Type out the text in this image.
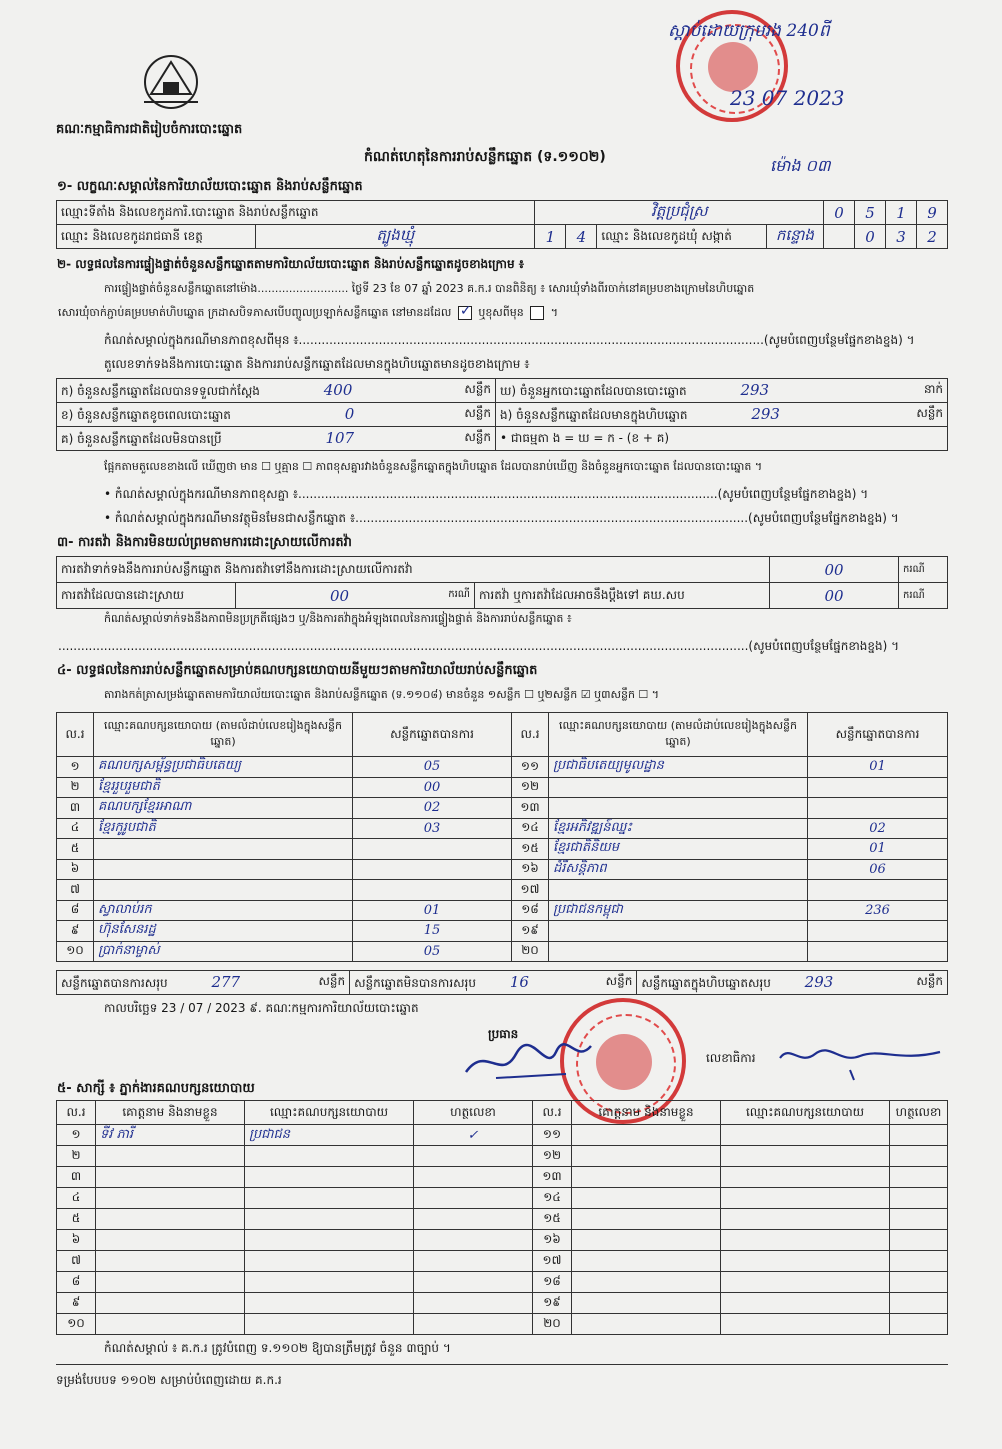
ស្ដាប់ដោយក្រុមរង 240ពី
23 07 2023
ម៉ោង ០៣
គណៈកម្មាធិការជាតិរៀបចំការបោះឆ្នោត
កំណត់ហេតុនៃការរាប់សន្លឹកឆ្នោត (ទ.១១០២)
១- លក្ខណៈសម្គាល់នៃការិយាល័យបោះឆ្នោត និងរាប់សន្លឹកឆ្នោត
ឈ្មោះទីតាំង និងលេខកូដការិ.បោះឆ្នោត និងរាប់សន្លឹកឆ្នោត		វិត្តប្រជុំស្រ				0	5	1	9
ឈ្មោះ និងលេខកូដរាជធានី ខេត្ត	ត្បូងឃ្មុំ	1	4	ឈ្មោះ និងលេខកូដឃុំ សង្កាត់	កន្ទោង		0	3	2
២- លទ្ធផលនៃការផ្ទៀងផ្ទាត់ចំនួនសន្លឹកឆ្នោតតាមការិយាល័យបោះឆ្នោត និងរាប់សន្លឹកឆ្នោតដូចខាងក្រោម ៖
ការផ្ទៀងផ្ទាត់ចំនួនសន្លឹកឆ្នោតនៅម៉ោង.......................... ថ្ងៃទី 23 ខែ 07 ឆ្នាំ 2023 គ.ក.រ បានពិនិត្យ ៖ សោរឃុំទាំងពីរចាក់នៅគម្របខាងក្រោមនៃហិបឆ្នោត
សោរឃុំចាក់ភ្ជាប់គម្របមាត់ហិបឆ្នោត ក្រដាសបិទភាសបើបញ្ចូលប្រឡាក់សន្លឹកឆ្នោត នៅមានដដែល ✓ ឬខុសពីមុន  ។
កំណត់សម្គាល់ក្នុងករណីមានភាពខុសពីមុន ៖..........................................................................................................................(សូមបំពេញបន្ថែមផ្នែកខាងខ្នង) ។
តួលេខទាក់ទងនឹងការបោះឆ្នោត និងការរាប់សន្លឹកឆ្នោតដែលមានក្នុងហិបឆ្នោតមានដូចខាងក្រោម ៖
ក) ចំនួនសន្លឹកឆ្នោតដែលបានទទួលជាក់ស្ដែង 400 សន្លឹក	ឃ) ចំនួនអ្នកបោះឆ្នោតដែលបានបោះឆ្នោត 293 នាក់

ខ) ចំនួនសន្លឹកឆ្នោតខូចពេលបោះឆ្នោត 0 សន្លឹក	ង) ចំនួនសន្លឹកឆ្នោតដែលមានក្នុងហិបឆ្នោត 293 សន្លឹក

គ) ចំនួនសន្លឹកឆ្នោតដែលមិនបានប្រើ 107 សន្លឹក	• ជាធម្មតា ង = ឃ = ក - (ខ + គ)
ផ្អែកតាមតួលេខខាងលើ ឃើញថា មាន ☐ ឬគ្មាន ☐ ភាពខុសគ្នារវាងចំនួនសន្លឹកឆ្នោតក្នុងហិបឆ្នោត ដែលបានរាប់ឃើញ និងចំនួនអ្នកបោះឆ្នោត ដែលបានបោះឆ្នោត ។
• កំណត់សម្គាល់ក្នុងករណីមានភាពខុសគ្នា ៖..............................................................................................................(សូមបំពេញបន្ថែមផ្នែកខាងខ្នង) ។
• កំណត់សម្គាល់ក្នុងករណីមានវត្ថុមិនមែនជាសន្លឹកឆ្នោត ៖.......................................................................................................(សូមបំពេញបន្ថែមផ្នែកខាងខ្នង) ។
៣- ការតវ៉ា និងការមិនយល់ព្រមតាមការដោះស្រាយលើការតវ៉ា
ការតវ៉ាទាក់ទងនឹងការរាប់សន្លឹកឆ្នោត និងការតវ៉ាទៅនឹងការដោះស្រាយលើការតវ៉ា			00	ករណី
ការតវ៉ាដែលបានដោះស្រាយ	00 ករណី	ការតវ៉ា ឬការតវ៉ាដែលអាចនឹងប្ដឹងទៅ គឃ.សប	00	ករណី
កំណត់សម្គាល់ទាក់ទងនឹងភាពមិនប្រក្រតីផ្សេងៗ ឬ/និងការតវ៉ាក្នុងអំឡុងពេលនៃការផ្ទៀងផ្ទាត់ និងការរាប់សន្លឹកឆ្នោត ៖
.....................................................................................................................................................................................(សូមបំពេញបន្ថែមផ្នែកខាងខ្នង) ។
៤- លទ្ធផលនៃការរាប់សន្លឹកឆ្នោតសម្រាប់គណបក្សនយោបាយនីមួយៗតាមការិយាល័យរាប់សន្លឹកឆ្នោត
តារាងកត់ត្រាសម្រង់ឆ្នោតតាមការិយាល័យបោះឆ្នោត និងរាប់សន្លឹកឆ្នោត (ទ.១១០៨) មានចំនួន ១សន្លឹក ☐ ឬ២សន្លឹក ☑ ឬ៣សន្លឹក ☐ ។
ល.រ	ឈ្មោះគណបក្សនយោបាយ (តាមលំដាប់លេខរៀងក្នុងសន្លឹកឆ្នោត)	សន្លឹកឆ្នោតបានការ	ល.រ	ឈ្មោះគណបក្សនយោបាយ (តាមលំដាប់លេខរៀងក្នុងសន្លឹកឆ្នោត)	សន្លឹកឆ្នោតបានការ
១	គណបក្សសម្ព័ន្ធប្រជាធិបតេយ្យ	05	១១	ប្រជាធិបតេយ្យមូលដ្ឋាន	01
២	ខ្មែររួបរួមជាតិ	00	១២		
៣	គណបក្សខ្មែរអាណា	02	១៣		
៤	ខ្មែរកូរូបជាតិ	03	១៤	ខ្មែរអភិវឌ្ឍន៍ឈ្នះ	02
៥			១៥	ខ្មែរជាតិនិយម	01
៦			១៦	ដំរីសន្តិភាព	06
៧			១៧		
៨	ស្វាលាប់រក	01	១៨	ប្រជាជនកម្ពុជា	236
៩	ហ៊ុនសែនរដ្ឋ	15	១៩		
១០	ប្រាក់នាម្ចាស់	05	២០		
សន្លឹកឆ្នោតបានការសរុប	277	សន្លឹក	សន្លឹកឆ្នោតមិនបានការសរុប 16	សន្លឹក	សន្លឹកឆ្នោតក្នុងហិបឆ្នោតសរុប 293	សន្លឹក
កាលបរិច្ឆេទ 23 / 07 / 2023 ៩. គណៈកម្មការការិយាល័យបោះឆ្នោត
ប្រធាន
លេខាធិការ
៥- សាក្សី ៖ ភ្នាក់ងារគណបក្សនយោបាយ
ល.រ	គោត្តនាម និងនាមខ្លួន	ឈ្មោះគណបក្សនយោបាយ	ហត្ថលេខា	ល.រ	គោត្តនាម និងនាមខ្លួន	ឈ្មោះគណបក្សនយោបាយ	ហត្ថលេខា
១	ទីវ ភារី	ប្រជាជន	✓	១១			
២				១២			
៣				១៣			
៤				១៤			
៥				១៥			
៦				១៦			
៧				១៧			
៨				១៨			
៩				១៩			
១០				២០			
កំណត់សម្គាល់ ៖ គ.ក.រ ត្រូវបំពេញ ទ.១១០២ ឱ្យបានត្រឹមត្រូវ ចំនួន ៣ច្បាប់ ។
ទម្រង់បែបបទ ១១០២ សម្រាប់បំពេញដោយ គ.ក.រ
